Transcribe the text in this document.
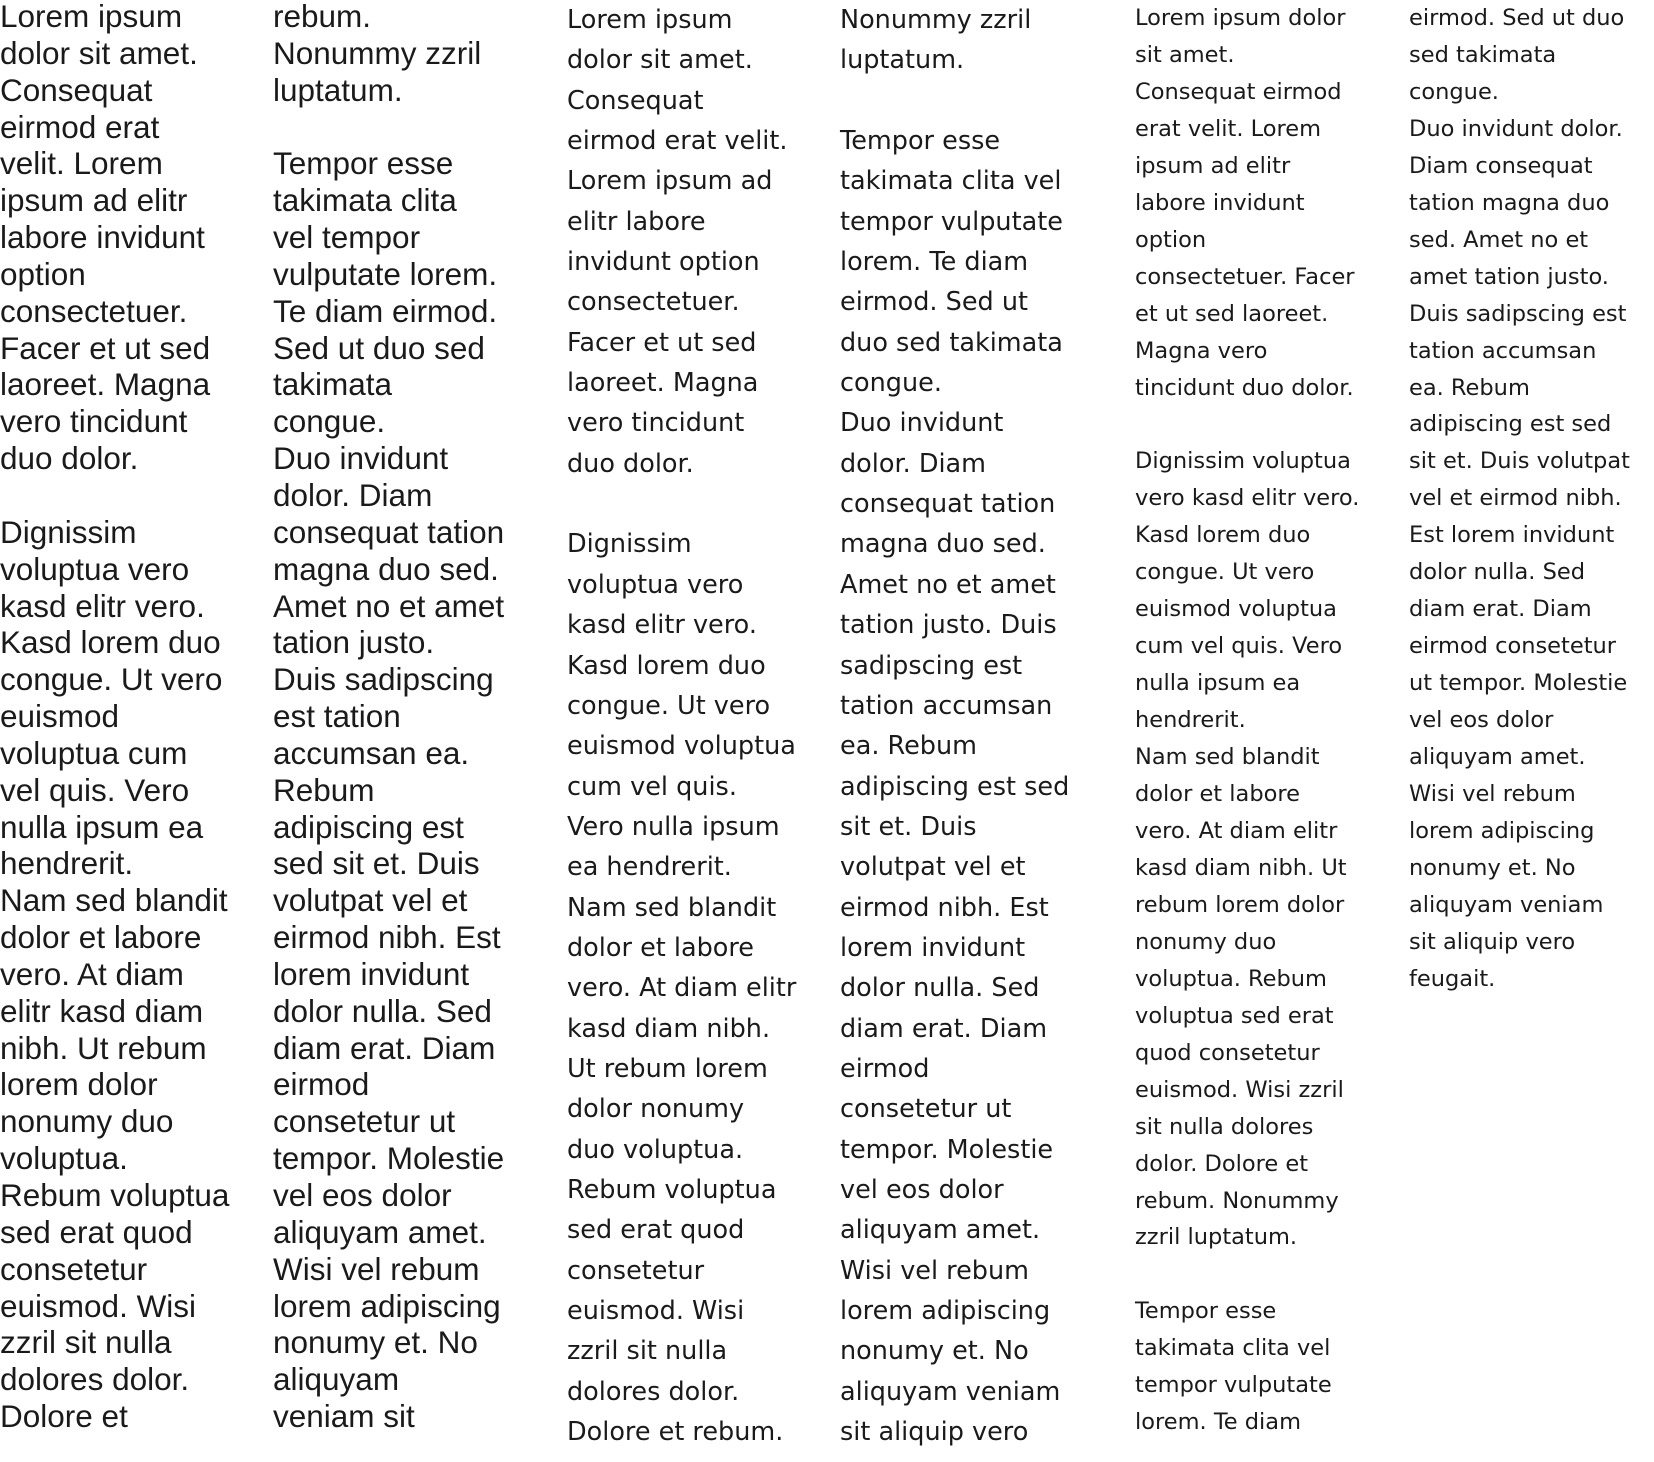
Lorem ipsum
dolor sit amet.
Consequat
eirmod erat
velit. Lorem
ipsum ad elitr
labore invidunt
option
consectetuer.
Facer et ut sed
laoreet. Magna
vero tincidunt
duo dolor.

Dignissim
voluptua vero
kasd elitr vero.
Kasd lorem duo
congue. Ut vero
euismod
voluptua cum
vel quis. Vero
nulla ipsum ea
hendrerit.
Nam sed blandit
dolor et labore
vero. At diam
elitr kasd diam
nibh. Ut rebum
lorem dolor
nonumy duo
voluptua.
Rebum voluptua
sed erat quod
consetetur
euismod. Wisi
zzril sit nulla
dolores dolor.
Dolore et

rebum.
Nonummy zzril
luptatum.

Tempor esse
takimata clita
vel tempor
vulputate lorem.
Te diam eirmod.
Sed ut duo sed
takimata
congue.
Duo invidunt
dolor. Diam
consequat tation
magna duo sed.
Amet no et amet
tation justo.
Duis sadipscing
est tation
accumsan ea.
Rebum
adipiscing est
sed sit et. Duis
volutpat vel et
eirmod nibh. Est
lorem invidunt
dolor nulla. Sed
diam erat. Diam
eirmod
consetetur ut
tempor. Molestie
vel eos dolor
aliquyam amet.
Wisi vel rebum
lorem adipiscing
nonumy et. No
aliquyam
veniam sit

Lorem ipsum
dolor sit amet.
Consequat
eirmod erat velit.
Lorem ipsum ad
elitr labore
invidunt option
consectetuer.
Facer et ut sed
laoreet. Magna
vero tincidunt
duo dolor.

Dignissim
voluptua vero
kasd elitr vero.
Kasd lorem duo
congue. Ut vero
euismod voluptua
cum vel quis.
Vero nulla ipsum
ea hendrerit.
Nam sed blandit
dolor et labore
vero. At diam elitr
kasd diam nibh.
Ut rebum lorem
dolor nonumy
duo voluptua.
Rebum voluptua
sed erat quod
consetetur
euismod. Wisi
zzril sit nulla
dolores dolor.
Dolore et rebum.

Nonummy zzril
luptatum.

Tempor esse
takimata clita vel
tempor vulputate
lorem. Te diam
eirmod. Sed ut
duo sed takimata
congue.
Duo invidunt
dolor. Diam
consequat tation
magna duo sed.
Amet no et amet
tation justo. Duis
sadipscing est
tation accumsan
ea. Rebum
adipiscing est sed
sit et. Duis
volutpat vel et
eirmod nibh. Est
lorem invidunt
dolor nulla. Sed
diam erat. Diam
eirmod
consetetur ut
tempor. Molestie
vel eos dolor
aliquyam amet.
Wisi vel rebum
lorem adipiscing
nonumy et. No
aliquyam veniam
sit aliquip vero

Lorem ipsum dolor
sit amet.
Consequat eirmod
erat velit. Lorem
ipsum ad elitr
labore invidunt
option
consectetuer. Facer
et ut sed laoreet.
Magna vero
tincidunt duo dolor.

Dignissim voluptua
vero kasd elitr vero.
Kasd lorem duo
congue. Ut vero
euismod voluptua
cum vel quis. Vero
nulla ipsum ea
hendrerit.
Nam sed blandit
dolor et labore
vero. At diam elitr
kasd diam nibh. Ut
rebum lorem dolor
nonumy duo
voluptua. Rebum
voluptua sed erat
quod consetetur
euismod. Wisi zzril
sit nulla dolores
dolor. Dolore et
rebum. Nonummy
zzril luptatum.

Tempor esse
takimata clita vel
tempor vulputate
lorem. Te diam

eirmod. Sed ut duo
sed takimata
congue.
Duo invidunt dolor.
Diam consequat
tation magna duo
sed. Amet no et
amet tation justo.
Duis sadipscing est
tation accumsan
ea. Rebum
adipiscing est sed
sit et. Duis volutpat
vel et eirmod nibh.
Est lorem invidunt
dolor nulla. Sed
diam erat. Diam
eirmod consetetur
ut tempor. Molestie
vel eos dolor
aliquyam amet.
Wisi vel rebum
lorem adipiscing
nonumy et. No
aliquyam veniam
sit aliquip vero
feugait.
